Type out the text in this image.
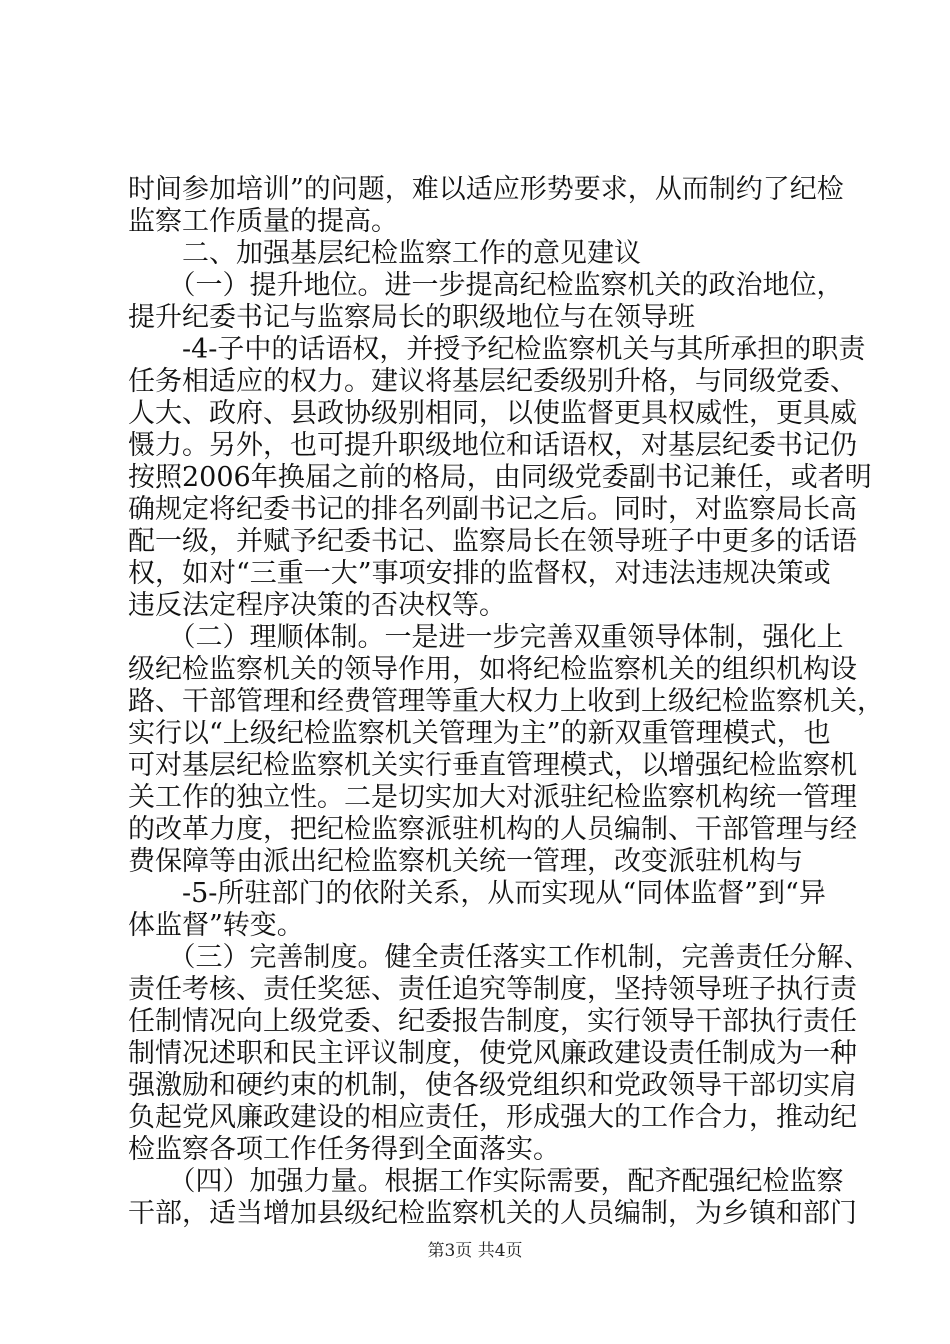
时间参加培训”的问题，难以适应形势要求，从而制约了纪检
监察工作质量的提高。
　　二、加强基层纪检监察工作的意见建议
　　（一）提升地位。进一步提高纪检监察机关的政治地位，
提升纪委书记与监察局长的职级地位与在领导班
　　-4-子中的话语权，并授予纪检监察机关与其所承担的职责
任务相适应的权力。建议将基层纪委级别升格，与同级党委、
人大、政府、县政协级别相同，以使监督更具权威性，更具威
慑力。另外，也可提升职级地位和话语权，对基层纪委书记仍
按照2006年换届之前的格局，由同级党委副书记兼任，或者明
确规定将纪委书记的排名列副书记之后。同时，对监察局长高
配一级，并赋予纪委书记、监察局长在领导班子中更多的话语
权，如对“三重一大”事项安排的监督权，对违法违规决策或
违反法定程序决策的否决权等。
　　（二）理顺体制。一是进一步完善双重领导体制，强化上
级纪检监察机关的领导作用，如将纪检监察机关的组织机构设
路、干部管理和经费管理等重大权力上收到上级纪检监察机关，
实行以“上级纪检监察机关管理为主”的新双重管理模式，也
可对基层纪检监察机关实行垂直管理模式，以增强纪检监察机
关工作的独立性。二是切实加大对派驻纪检监察机构统一管理
的改革力度，把纪检监察派驻机构的人员编制、干部管理与经
费保障等由派出纪检监察机关统一管理，改变派驻机构与
　　-5-所驻部门的依附关系，从而实现从“同体监督”到“异
体监督”转变。
　　（三）完善制度。健全责任落实工作机制，完善责任分解、
责任考核、责任奖惩、责任追究等制度，坚持领导班子执行责
任制情况向上级党委、纪委报告制度，实行领导干部执行责任
制情况述职和民主评议制度，使党风廉政建设责任制成为一种
强激励和硬约束的机制，使各级党组织和党政领导干部切实肩
负起党风廉政建设的相应责任，形成强大的工作合力，推动纪
检监察各项工作任务得到全面落实。
　　（四）加强力量。根据工作实际需要，配齐配强纪检监察
干部，适当增加县级纪检监察机关的人员编制，为乡镇和部门
第3页 共4页
